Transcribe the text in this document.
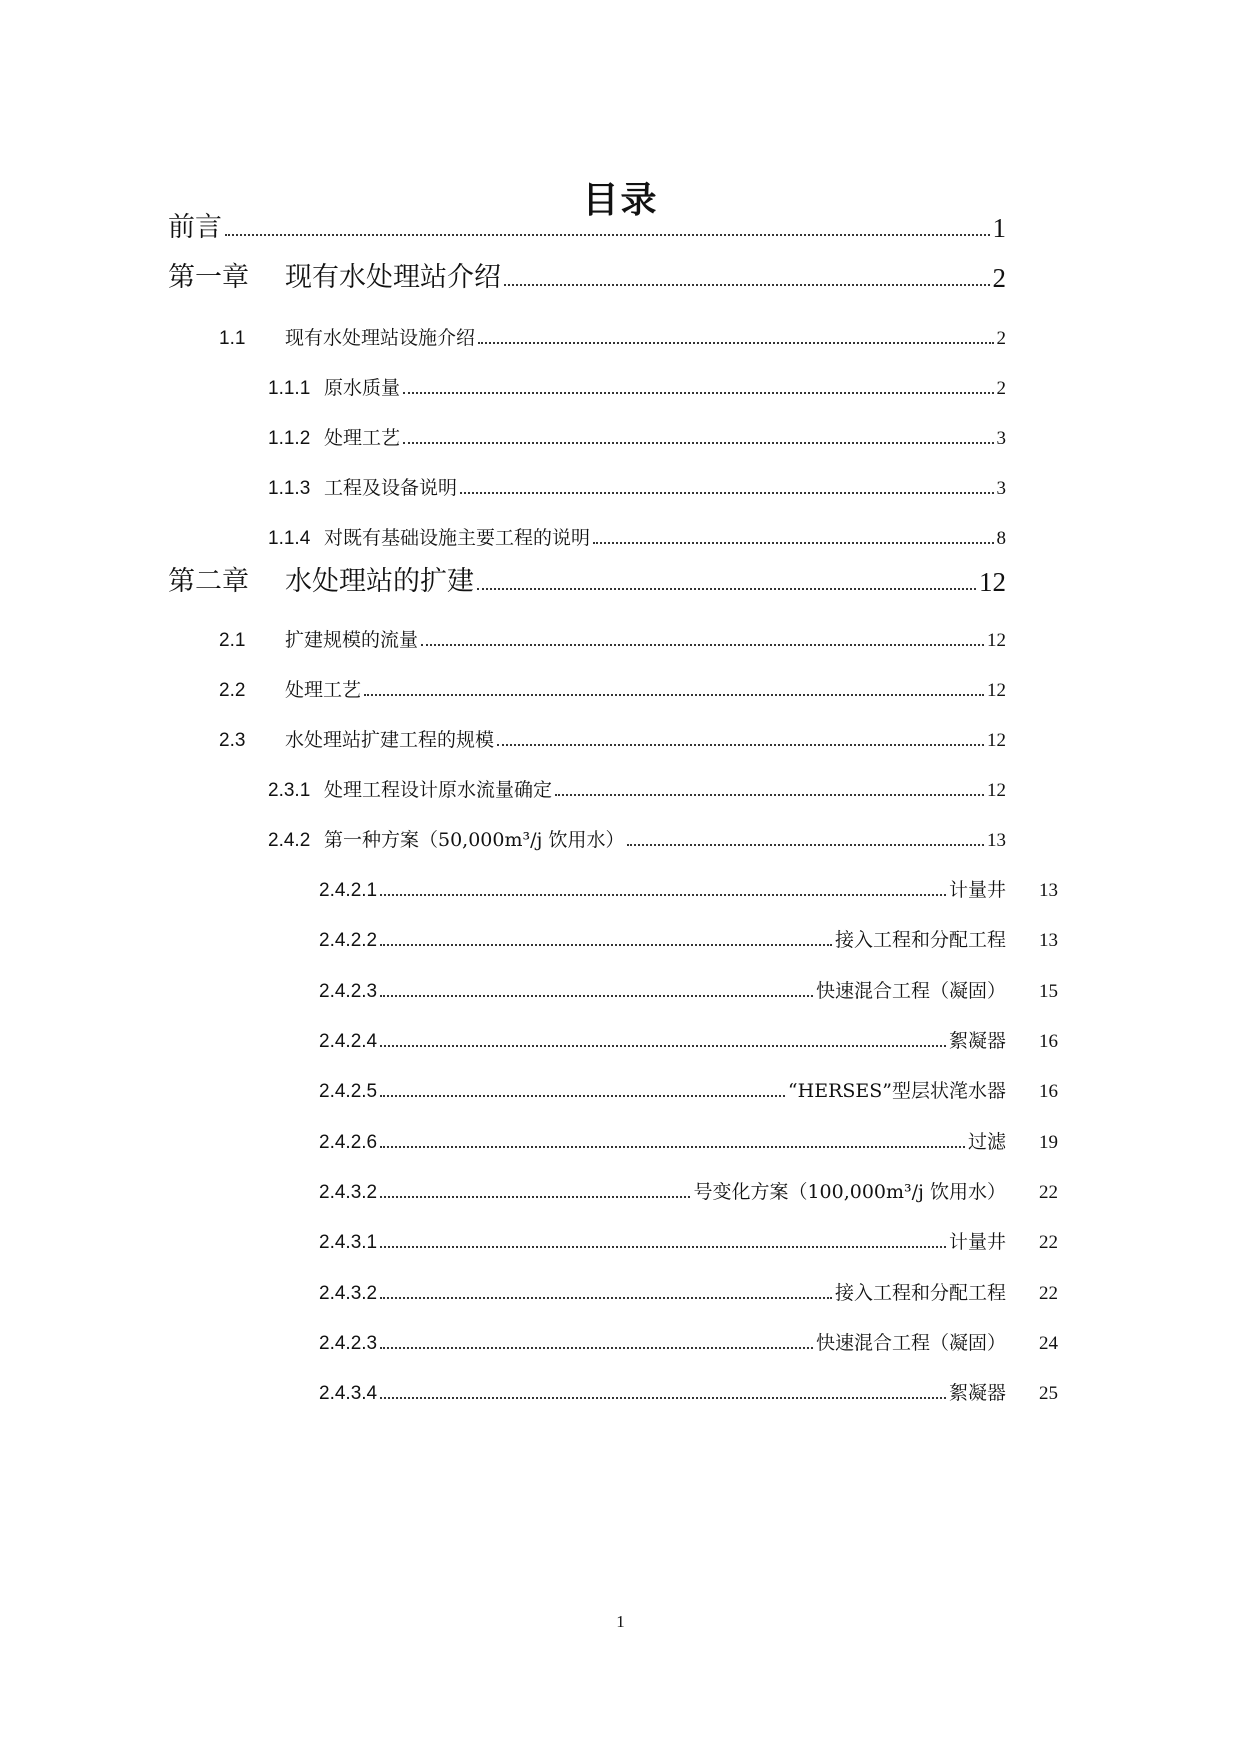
目录
前言	1
第一章	现有水处理站介绍	2
1.1	现有水处理站设施介绍	2
1.1.1 原水质量	2
1.1.2 处理工艺	3
1.1.3 工程及设备说明	3
1.1.4 对既有基础设施主要工程的说明	8
第二章	水处理站的扩建	12
2.1	扩建规模的流量	12
2.2	处理工艺	12
2.3	水处理站扩建工程的规模	12
2.3.1 处理工程设计原水流量确定	12
2.4.2 第一种方案（50,000m³/j 饮用水）	13
2.4.2.1	计量井	13
2.4.2.2	接入工程和分配工程	13
2.4.2.3	快速混合工程（凝固）	15
2.4.2.4	絮凝器	16
2.4.2.5	“HERSES”型层状滗水器	16
2.4.2.6	过滤	19
2.4.3.2	号变化方案（100,000m³/j 饮用水）	22
2.4.3.1	计量井	22
2.4.3.2	接入工程和分配工程	22
2.4.2.3	快速混合工程（凝固）	24
2.4.3.4	絮凝器	25
1
